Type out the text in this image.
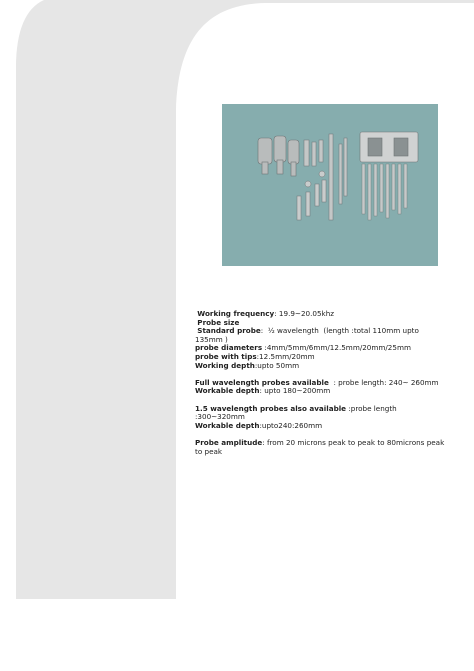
Working frequency: 19.9~20.05khz

Probe size

Standard probe:  ½ wavelength  (length :total 110mm upto 135mm )

probe diameters :4mm/5mm/6mm/12.5mm/20mm/25mm

probe with tips:12.5mm/20mm

Working depth:upto 50mm

Full wavelength probes available  : probe length: 240~ 260mm

Workable depth: upto 180~200mm

1.5 wavelength probes also available :probe length :300~320mm

Workable depth:upto240:260mm

Probe amplitude: from 20 microns peak to peak to 80microns peak to peak
